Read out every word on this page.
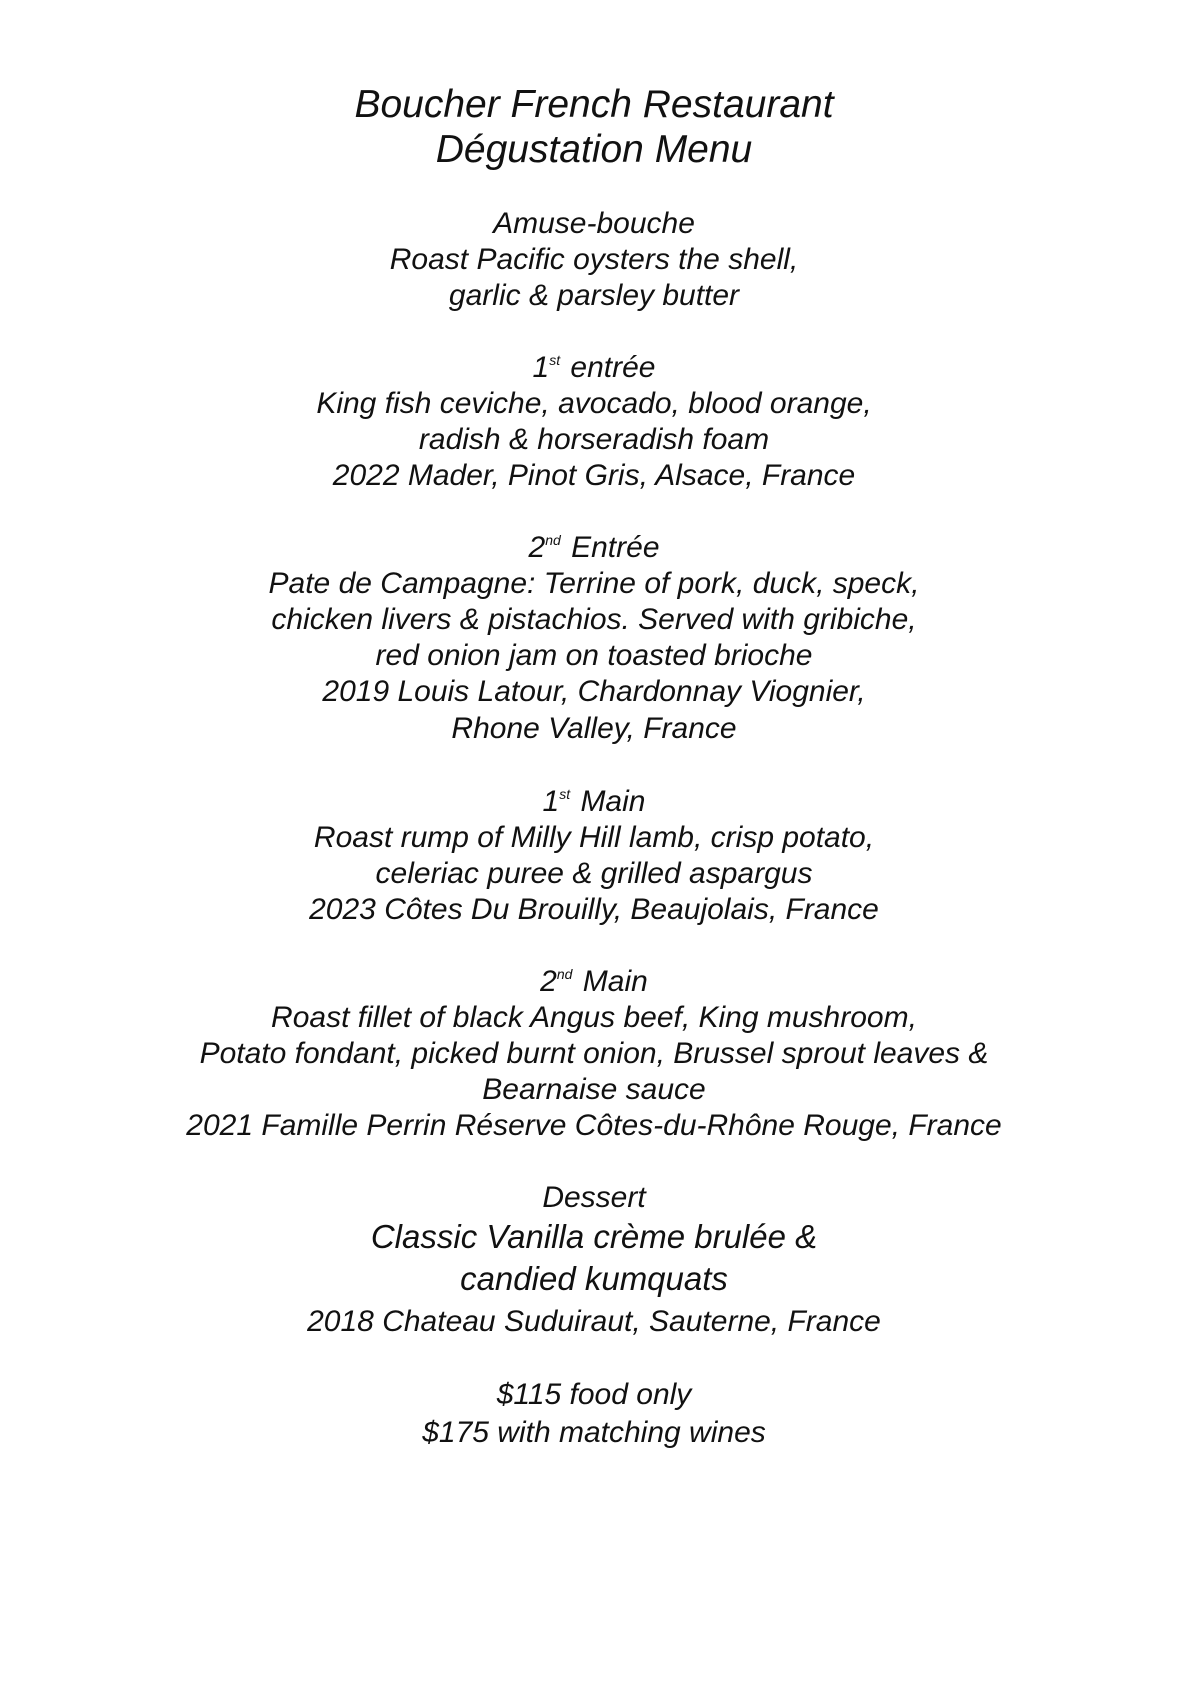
Boucher French Restaurant
Dégustation Menu

Amuse-bouche

Roast Pacific oysters the shell,

garlic & parsley butter

1st entrée

King fish ceviche, avocado, blood orange,

radish & horseradish foam

2022 Mader, Pinot Gris, Alsace, France

2nd Entrée

Pate de Campagne: Terrine of pork, duck, speck,

chicken livers & pistachios. Served with gribiche,

red onion jam on toasted brioche

2019 Louis Latour, Chardonnay Viognier,

Rhone Valley, France

1st Main

Roast rump of Milly Hill lamb, crisp potato,

celeriac puree & grilled aspargus

2023 Côtes Du Brouilly, Beaujolais, France

2nd Main

Roast fillet of black Angus beef, King mushroom,

Potato fondant, picked burnt onion, Brussel sprout leaves &

Bearnaise sauce

2021 Famille Perrin Réserve Côtes-du-Rhône Rouge, France

Dessert

Classic Vanilla crème brulée &

candied kumquats

2018 Chateau Suduiraut, Sauterne, France

$115 food only

$175 with matching wines
